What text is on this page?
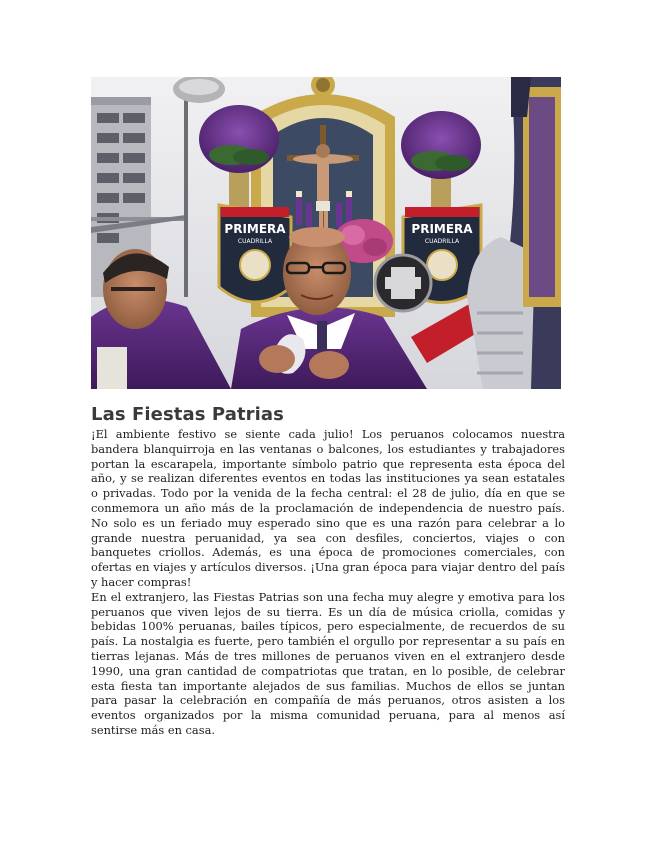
PRIMERA
CUADRILLA
PRIMERA
CUADRILLA
Las Fiestas Patrias

¡El ambiente festivo se siente cada julio! Los peruanos colocamos nuestra bandera blanquirroja en las ventanas o balcones, los estudiantes y trabajadores portan la escarapela, importante símbolo patrio que representa esta época del año, y se realizan diferentes eventos en todas las instituciones ya sean estatales o privadas. Todo por la venida de la fecha central: el 28 de julio, día en que se conmemora un año más de la proclamación de independencia de nuestro país. No solo es un feriado muy esperado sino que es una razón para celebrar a lo grande nuestra peruanidad, ya sea con desfiles, conciertos, viajes o con banquetes criollos. Además, es una época de promociones comerciales, con ofertas en viajes y artículos diversos. ¡Una gran época para viajar dentro del país y hacer compras!

En el extranjero, las Fiestas Patrias son una fecha muy alegre y emotiva para los peruanos que viven lejos de su tierra. Es un día de música criolla, comidas y bebidas 100% peruanas, bailes típicos, pero especialmente, de recuerdos de su país. La nostalgia es fuerte, pero también el orgullo por representar a su país en tierras lejanas. Más de tres millones de peruanos viven en el extranjero desde 1990, una gran cantidad de compatriotas que tratan, en lo posible, de celebrar esta fiesta tan importante alejados de sus familias. Muchos de ellos se juntan para pasar la celebración en compañía de más peruanos, otros asisten a los eventos organizados por la misma comunidad peruana, para al menos así sentirse más en casa.
